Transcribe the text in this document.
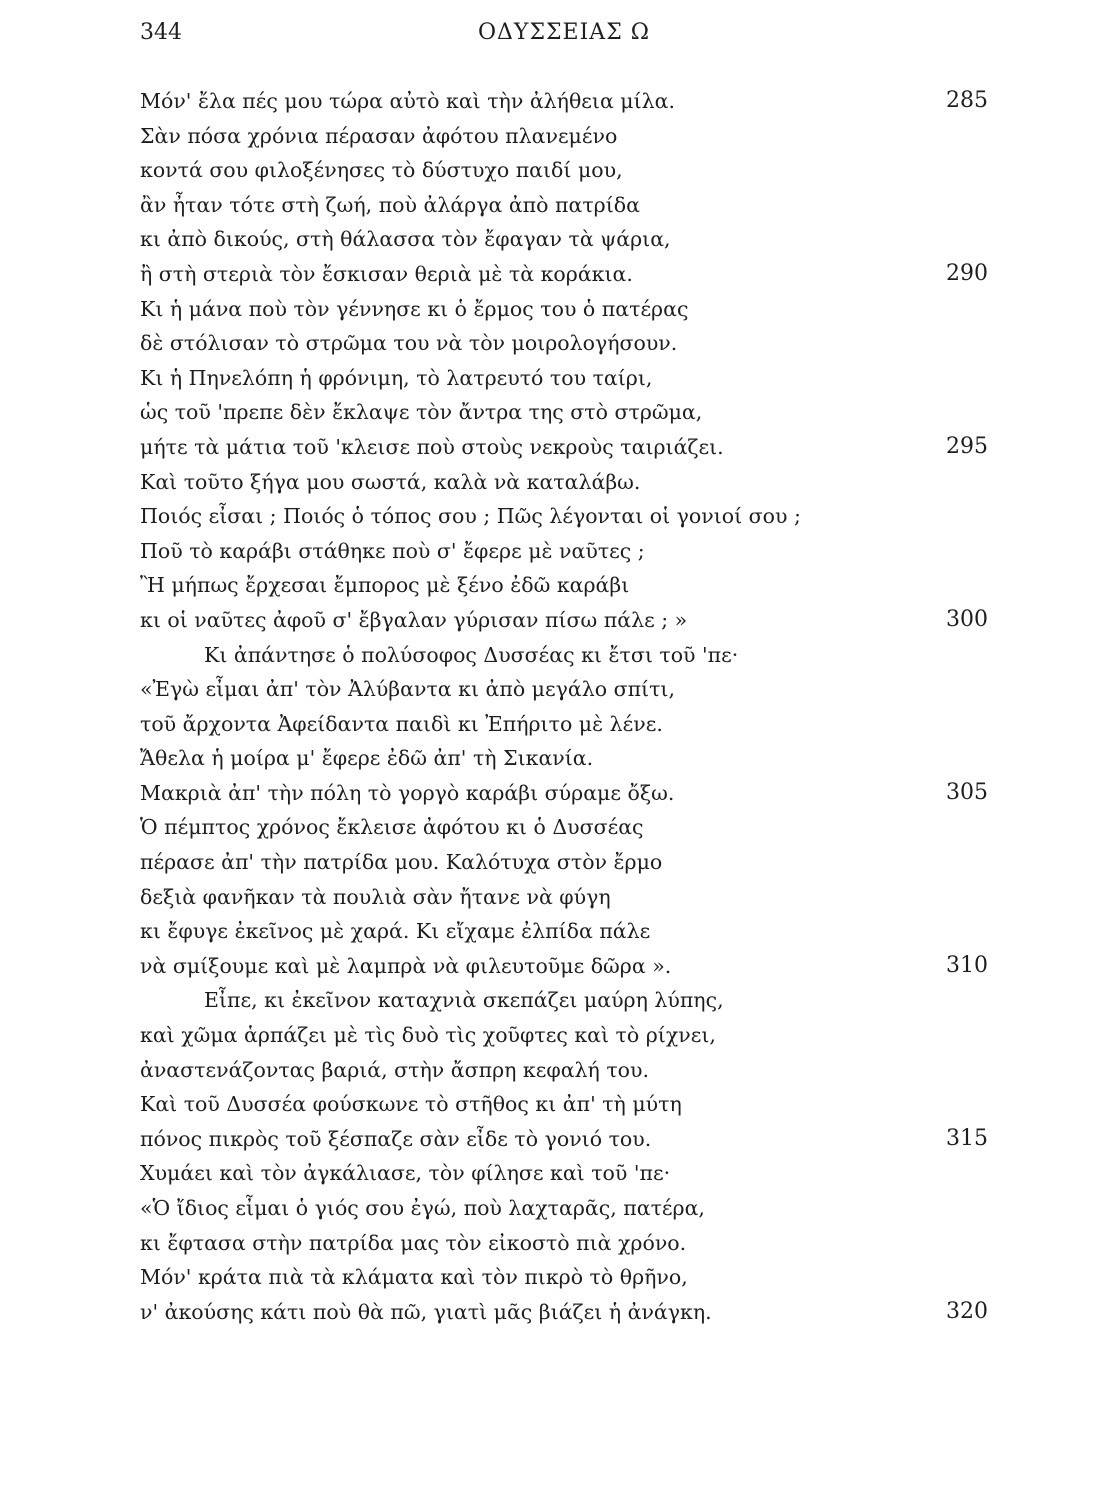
344	ΟΔΥΣΣΕΙΑΣ Ω
Μόν' ἔλα πές μου τώρα αὐτὸ καὶ τὴν ἀλήθεια μίλα.	285
Σὰν πόσα χρόνια πέρασαν ἀφότου πλανεμένο
κοντά σου φιλοξένησες τὸ δύστυχο παιδί μου,
ἂν ἦταν τότε στὴ ζωή, ποὺ ἀλάργα ἀπὸ πατρίδα
κι ἀπὸ δικούς, στὴ θάλασσα τὸν ἔφαγαν τὰ ψάρια,
ἢ στὴ στεριὰ τὸν ἔσκισαν θεριὰ μὲ τὰ κοράκια.	290
Κι ἡ μάνα ποὺ τὸν γέννησε κι ὁ ἔρμος του ὁ πατέρας
δὲ στόλισαν τὸ στρῶμα του νὰ τὸν μοιρολογήσουν.
Κι ἡ Πηνελόπη ἡ φρόνιμη, τὸ λατρευτό του ταίρι,
ὡς τοῦ 'πρεπε δὲν ἔκλαψε τὸν ἄντρα της στὸ στρῶμα,
μήτε τὰ μάτια τοῦ 'κλεισε ποὺ στοὺς νεκροὺς ταιριάζει.	295
Καὶ τοῦτο ξήγα μου σωστά, καλὰ νὰ καταλάβω.
Ποιός εἶσαι ; Ποιός ὁ τόπος σου ; Πῶς λέγονται οἱ γονιοί σου ;
Ποῦ τὸ καράβι στάθηκε ποὺ σ' ἔφερε μὲ ναῦτες ;
Ἢ μήπως ἔρχεσαι ἔμπορος μὲ ξένο ἐδῶ καράβι
κι οἱ ναῦτες ἀφοῦ σ' ἔβγαλαν γύρισαν πίσω πάλε ; »	300
Κι ἀπάντησε ὁ πολύσοφος Δυσσέας κι ἔτσι τοῦ 'πε·
«Ἐγὼ εἶμαι ἀπ' τὸν Ἀλύβαντα κι ἀπὸ μεγάλο σπίτι,
τοῦ ἄρχοντα Ἀφείδαντα παιδὶ κι Ἐπήριτο μὲ λένε.
Ἄθελα ἡ μοίρα μ' ἔφερε ἐδῶ ἀπ' τὴ Σικανία.
Μακριὰ ἀπ' τὴν πόλη τὸ γοργὸ καράβι σύραμε ὄξω.	305
Ὁ πέμπτος χρόνος ἔκλεισε ἀφότου κι ὁ Δυσσέας
πέρασε ἀπ' τὴν πατρίδα μου. Καλότυχα στὸν ἔρμο
δεξιὰ φανῆκαν τὰ πουλιὰ σὰν ἤτανε νὰ φύγη
κι ἔφυγε ἐκεῖνος μὲ χαρά. Κι εἴχαμε ἐλπίδα πάλε
νὰ σμίξουμε καὶ μὲ λαμπρὰ νὰ φιλευτοῦμε δῶρα ».	310
Εἶπε, κι ἐκεῖνον καταχνιὰ σκεπάζει μαύρη λύπης,
καὶ χῶμα ἁρπάζει μὲ τὶς δυὸ τὶς χοῦφτες καὶ τὸ ρίχνει,
ἀναστενάζοντας βαριά, στὴν ἄσπρη κεφαλή του.
Καὶ τοῦ Δυσσέα φούσκωνε τὸ στῆθος κι ἀπ' τὴ μύτη
πόνος πικρὸς τοῦ ξέσπαζε σὰν εἶδε τὸ γονιό του.	315
Χυμάει καὶ τὸν ἀγκάλιασε, τὸν φίλησε καὶ τοῦ 'πε·
«Ὁ ἴδιος εἶμαι ὁ γιός σου ἐγώ, ποὺ λαχταρᾶς, πατέρα,
κι ἔφτασα στὴν πατρίδα μας τὸν εἰκοστὸ πιὰ χρόνο.
Μόν' κράτα πιὰ τὰ κλάματα καὶ τὸν πικρὸ τὸ θρῆνο,
ν' ἀκούσης κάτι ποὺ θὰ πῶ, γιατὶ μᾶς βιάζει ἡ ἀνάγκη.	320
